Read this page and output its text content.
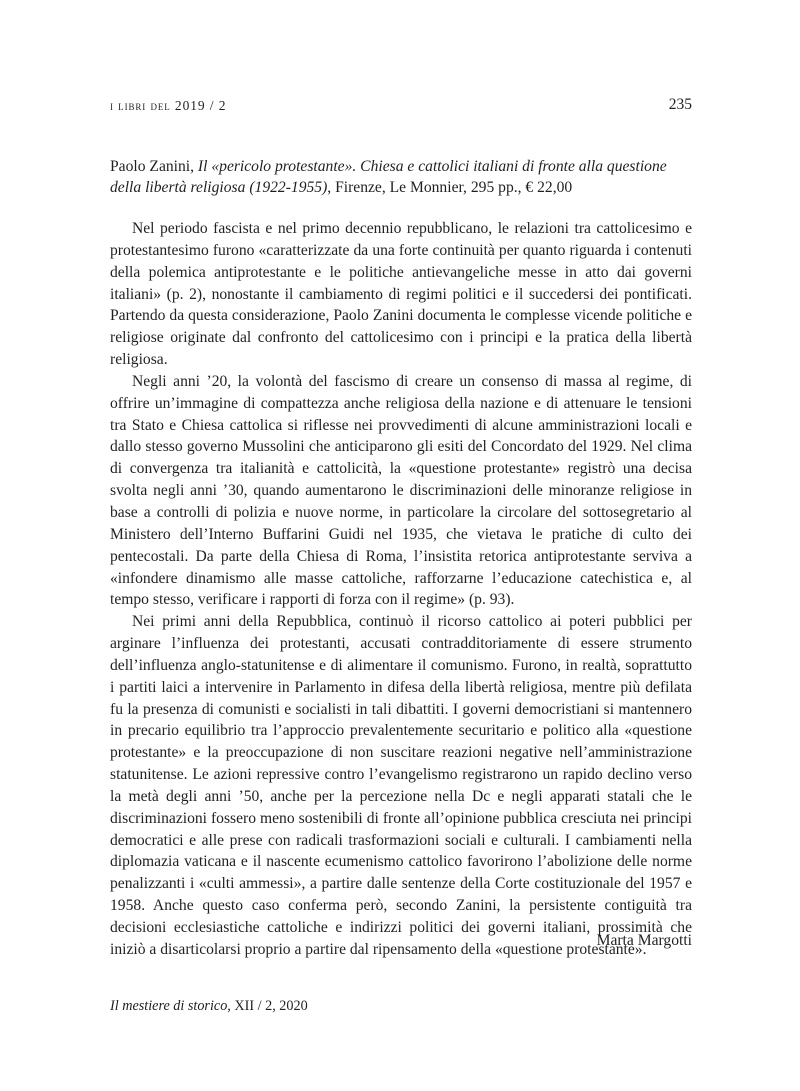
i libri del 2019 / 2	235
Paolo Zanini, Il «pericolo protestante». Chiesa e cattolici italiani di fronte alla questione della libertà religiosa (1922-1955), Firenze, Le Monnier, 295 pp., € 22,00

Nel periodo fascista e nel primo decennio repubblicano, le relazioni tra cattolicesimo e protestantesimo furono «caratterizzate da una forte continuità per quanto riguarda i contenuti della polemica antiprotestante e le politiche antievangeliche messe in atto dai governi italiani» (p. 2), nonostante il cambiamento di regimi politici e il succedersi dei pontificati. Partendo da questa considerazione, Paolo Zanini documenta le complesse vicende politiche e religiose originate dal confronto del cattolicesimo con i principi e la pratica della libertà religiosa.

Negli anni ’20, la volontà del fascismo di creare un consenso di massa al regime, di offrire un’immagine di compattezza anche religiosa della nazione e di attenuare le tensioni tra Stato e Chiesa cattolica si riflesse nei provvedimenti di alcune amministrazioni locali e dallo stesso governo Mussolini che anticiparono gli esiti del Concordato del 1929. Nel clima di convergenza tra italianità e cattolicità, la «questione protestante» registrò una decisa svolta negli anni ’30, quando aumentarono le discriminazioni delle minoranze religiose in base a controlli di polizia e nuove norme, in particolare la circolare del sottosegretario al Ministero dell’Interno Buffarini Guidi nel 1935, che vietava le pratiche di culto dei pentecostali. Da parte della Chiesa di Roma, l’insistita retorica antiprotestante serviva a «infondere dinamismo alle masse cattoliche, rafforzarne l’educazione catechistica e, al tempo stesso, verificare i rapporti di forza con il regime» (p. 93).

Nei primi anni della Repubblica, continuò il ricorso cattolico ai poteri pubblici per arginare l’influenza dei protestanti, accusati contradditoriamente di essere strumento dell’influenza anglo-statunitense e di alimentare il comunismo. Furono, in realtà, soprattutto i partiti laici a intervenire in Parlamento in difesa della libertà religiosa, mentre più defilata fu la presenza di comunisti e socialisti in tali dibattiti. I governi democristiani si mantennero in precario equilibrio tra l’approccio prevalentemente securitario e politico alla «questione protestante» e la preoccupazione di non suscitare reazioni negative nell’amministrazione statunitense. Le azioni repressive contro l’evangelismo registrarono un rapido declino verso la metà degli anni ’50, anche per la percezione nella Dc e negli apparati statali che le discriminazioni fossero meno sostenibili di fronte all’opinione pubblica cresciuta nei principi democratici e alle prese con radicali trasformazioni sociali e culturali. I cambiamenti nella diplomazia vaticana e il nascente ecumenismo cattolico favorirono l’abolizione delle norme penalizzanti i «culti ammessi», a partire dalle sentenze della Corte costituzionale del 1957 e 1958. Anche questo caso conferma però, secondo Zanini, la persistente contiguità tra decisioni ecclesiastiche cattoliche e indirizzi politici dei governi italiani, prossimità che iniziò a disarticolarsi proprio a partire dal ripensamento della «questione protestante».

Marta Margotti
Il mestiere di storico, XII / 2, 2020
